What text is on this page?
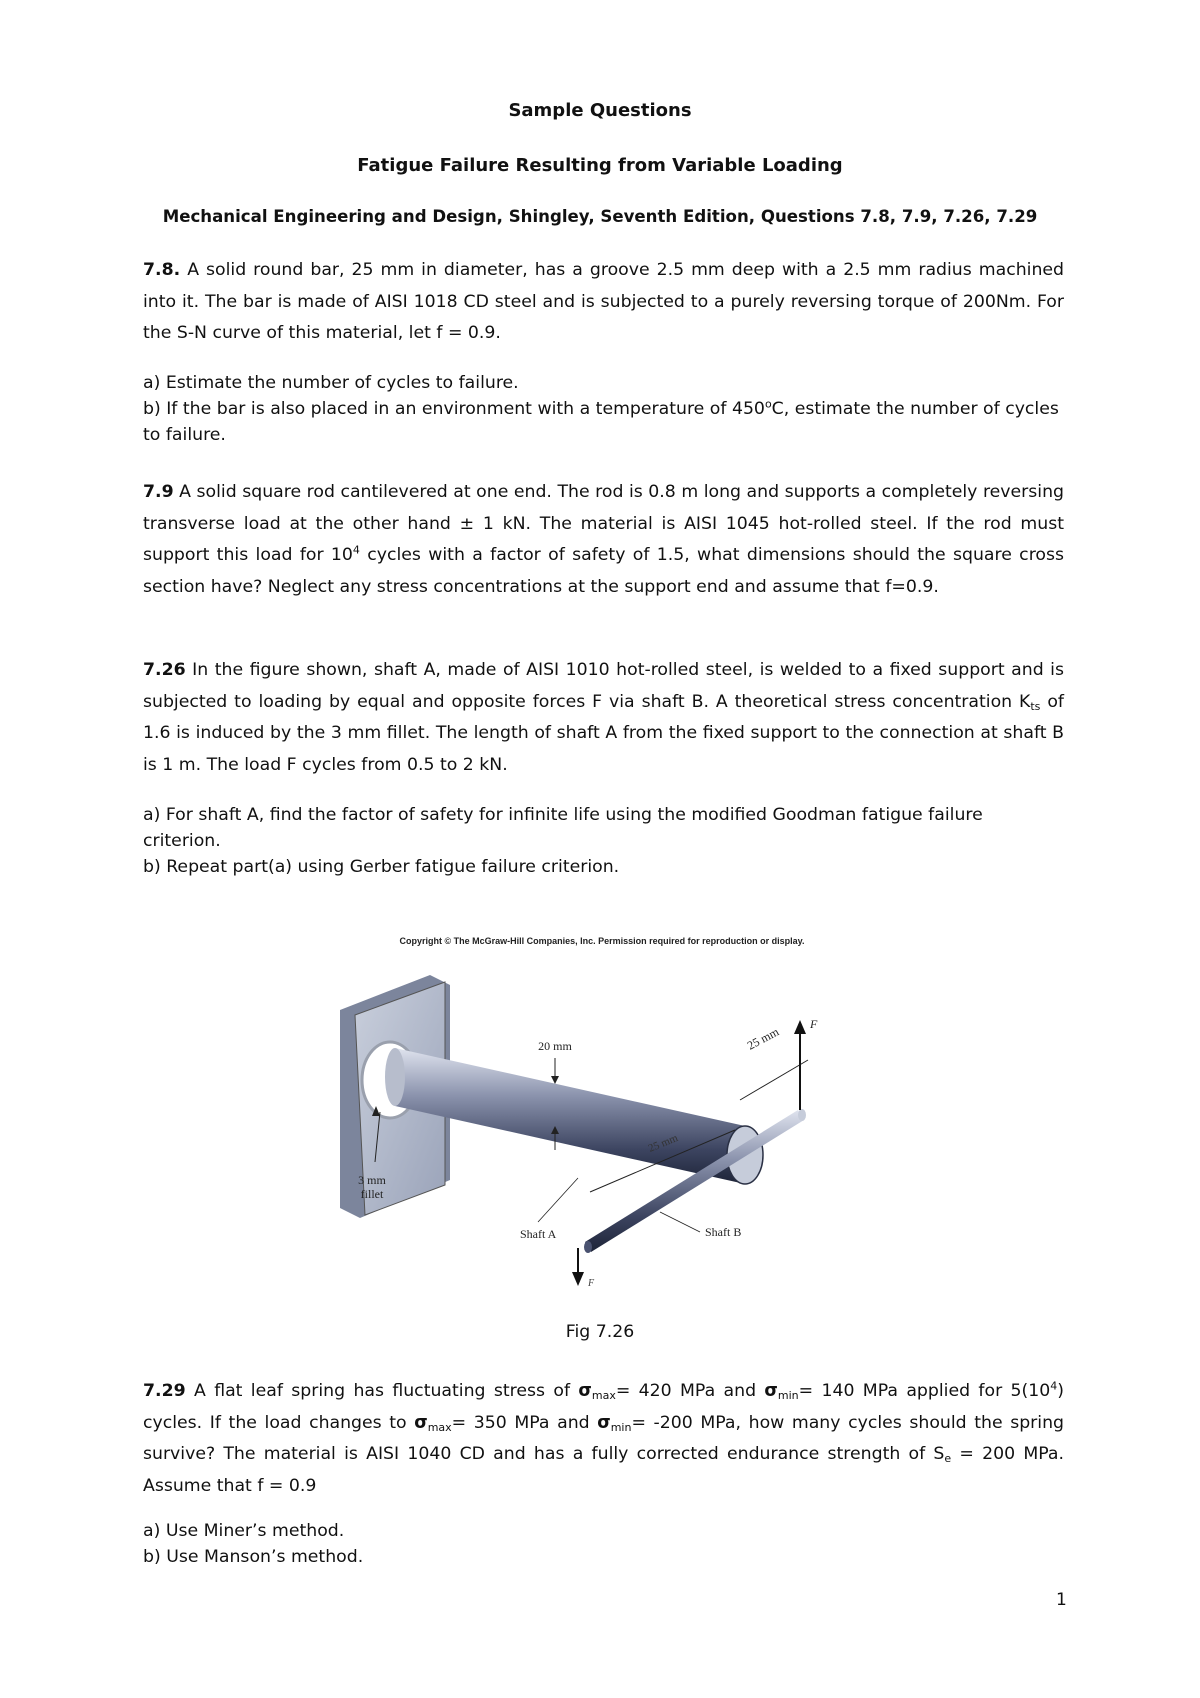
Sample Questions
Fatigue Failure Resulting from Variable Loading
Mechanical Engineering and Design, Shingley, Seventh Edition, Questions 7.8, 7.9, 7.26, 7.29

7.8. A solid round bar, 25 mm in diameter, has a groove 2.5 mm deep with a 2.5 mm radius machined into it. The bar is made of AISI 1018 CD steel and is subjected to a purely reversing torque of 200Nm. For the S-N curve of this material, let f = 0.9.

a) Estimate the number of cycles to failure.

b) If the bar is also placed in an environment with a temperature of 450$^o$C, estimate the number of cycles to failure.

7.9 A solid square rod cantilevered at one end. The rod is 0.8 m long and supports a completely reversing transverse load at the other hand ± 1 kN. The material is AISI 1045 hot-rolled steel. If the rod must support this load for $10^4$ cycles with a factor of safety of 1.5, what dimensions should the square cross section have? Neglect any stress concentrations at the support end and assume that f=0.9.

7.26 In the figure shown, shaft A, made of AISI 1010 hot-rolled steel, is welded to a fixed support and is subjected to loading by equal and opposite forces F via shaft B. A theoretical stress concentration $K_{ts}$ of 1.6 is induced by the 3 mm fillet. The length of shaft A from the fixed support to the connection at shaft B is 1 m. The load F cycles from 0.5 to 2 kN.

a) For shaft A, find the factor of safety for infinite life using the modified Goodman fatigue failure criterion.

b) Repeat part(a) using Gerber fatigue failure criterion.

Copyright © The McGraw-Hill Companies, Inc. Permission required for reproduction or display.
20 mm
25 mm
25 mm
F
F
3 mm
fillet
Shaft A	Shaft B
Fig 7.26

7.29 A flat leaf spring has fluctuating stress of $\sigma_{max}= 420$ MPa and $\sigma_{min}= 140$ MPa applied for $5(10^4)$ cycles. If the load changes to $\sigma_{max}= 350$ MPa and $\sigma_{min}= -200$ MPa, how many cycles should the spring survive? The material is AISI 1040 CD and has a fully corrected endurance strength of $S_e = 200$ MPa. Assume that f = 0.9

a) Use Miner’s method.

b) Use Manson’s method.

1
